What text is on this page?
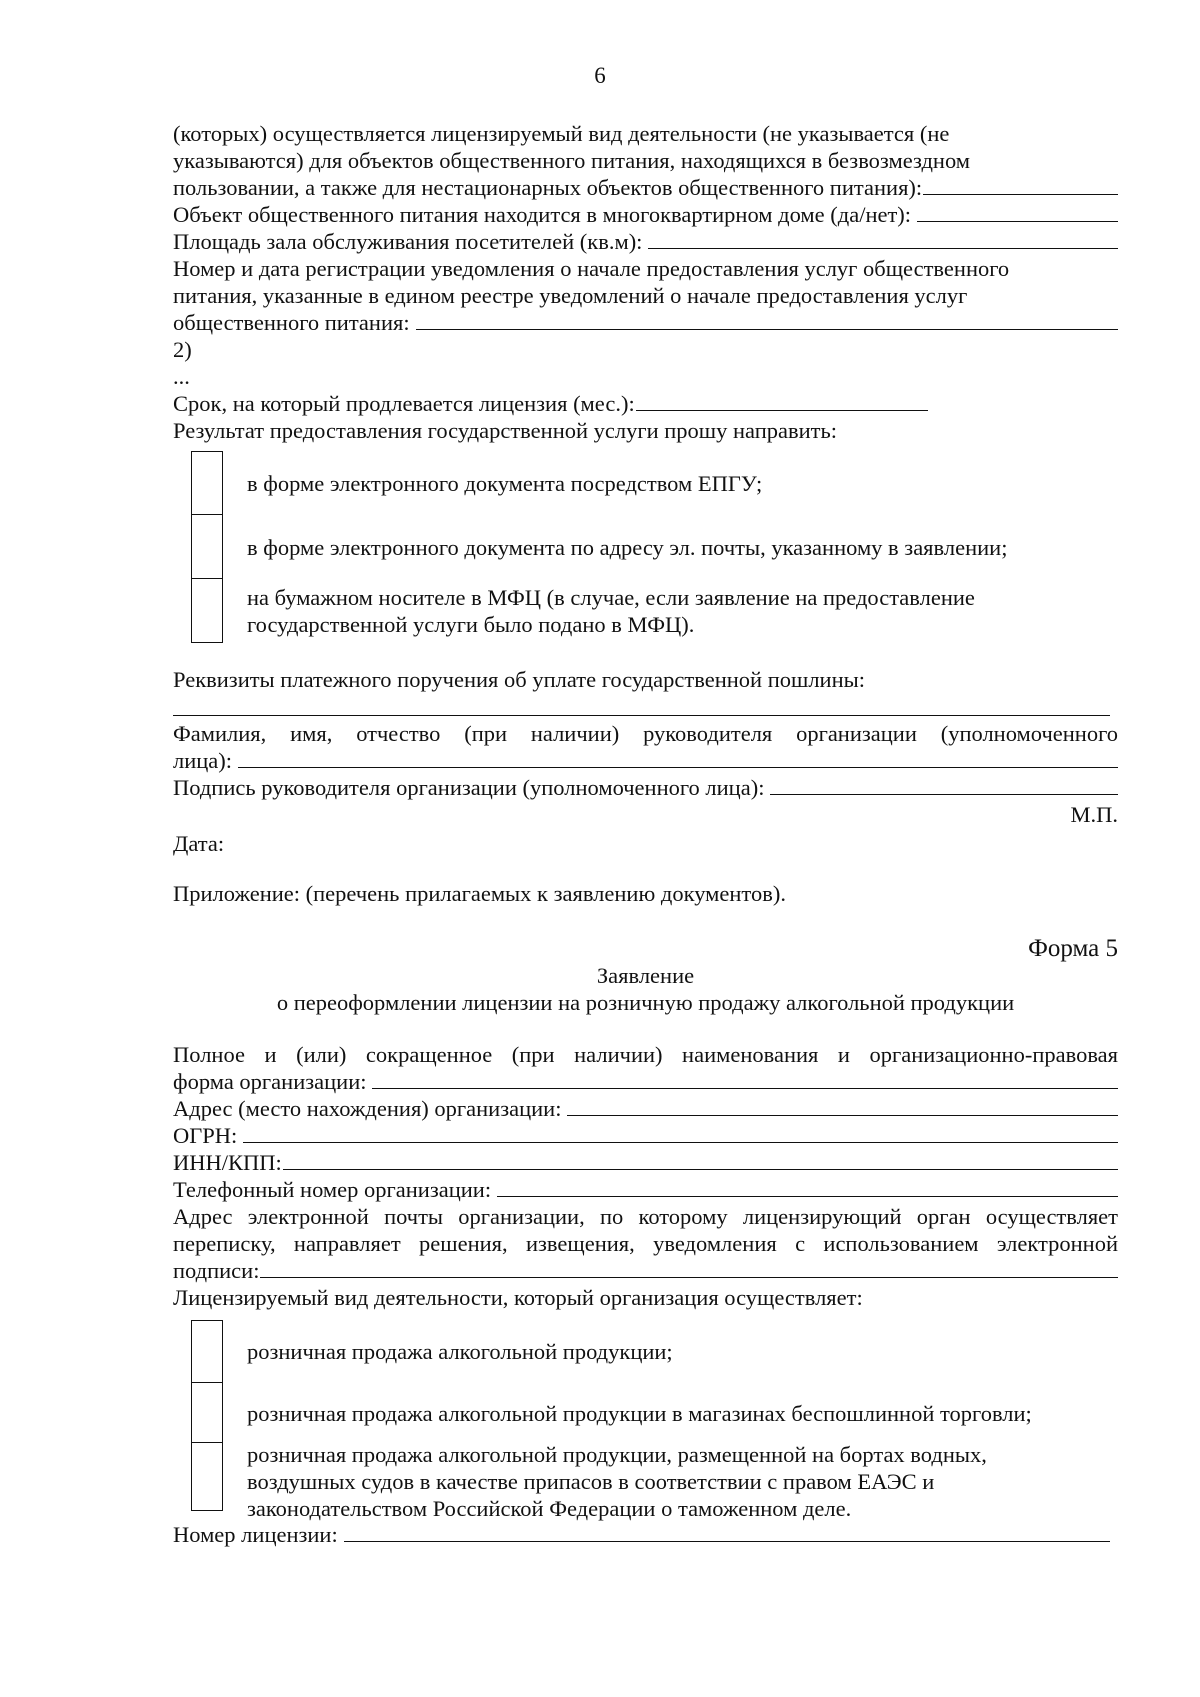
6
(которых) осуществляется лицензируемый вид деятельности (не указывается (не
указываются) для объектов общественного питания, находящихся в безвозмездном
пользовании, а также для нестационарных объектов общественного питания):
Объект общественного питания находится в многоквартирном доме (да/нет):
Площадь зала обслуживания посетителей (кв.м):
Номер и дата регистрации уведомления о начале предоставления услуг общественного
питания, указанные в едином реестре уведомлений о начале предоставления услуг
общественного питания:
2)
...
Срок, на который продлевается лицензия (мес.):
Результат предоставления государственной услуги прошу направить:
в форме электронного документа посредством ЕПГУ;
в форме электронного документа по адресу эл. почты, указанному в заявлении;
на бумажном носителе в МФЦ (в случае, если заявление на предоставление государственной услуги было подано в МФЦ).
Реквизиты платежного поручения об уплате государственной пошлины:
Фамилия, имя, отчество (при наличии) руководителя организации (уполномоченного
лица):
Подпись руководителя организации (уполномоченного лица):
М.П.
Дата:
Приложение: (перечень прилагаемых к заявлению документов).
Форма 5
Заявление
о переоформлении лицензии на розничную продажу алкогольной продукции
Полное и (или) сокращенное (при наличии) наименования и организационно-правовая
форма организации:
Адрес (место нахождения) организации:
ОГРН:
ИНН/КПП:
Телефонный номер организации:
Адрес электронной почты организации, по которому лицензирующий орган осуществляет
переписку, направляет решения, извещения, уведомления с использованием электронной
подписи:
Лицензируемый вид деятельности, который организация осуществляет:
розничная продажа алкогольной продукции;
розничная продажа алкогольной продукции в магазинах беспошлинной торговли;
розничная продажа алкогольной продукции, размещенной на бортах водных, воздушных судов в качестве припасов в соответствии с правом ЕАЭС и законодательством Российской Федерации о таможенном деле.
Номер лицензии:
